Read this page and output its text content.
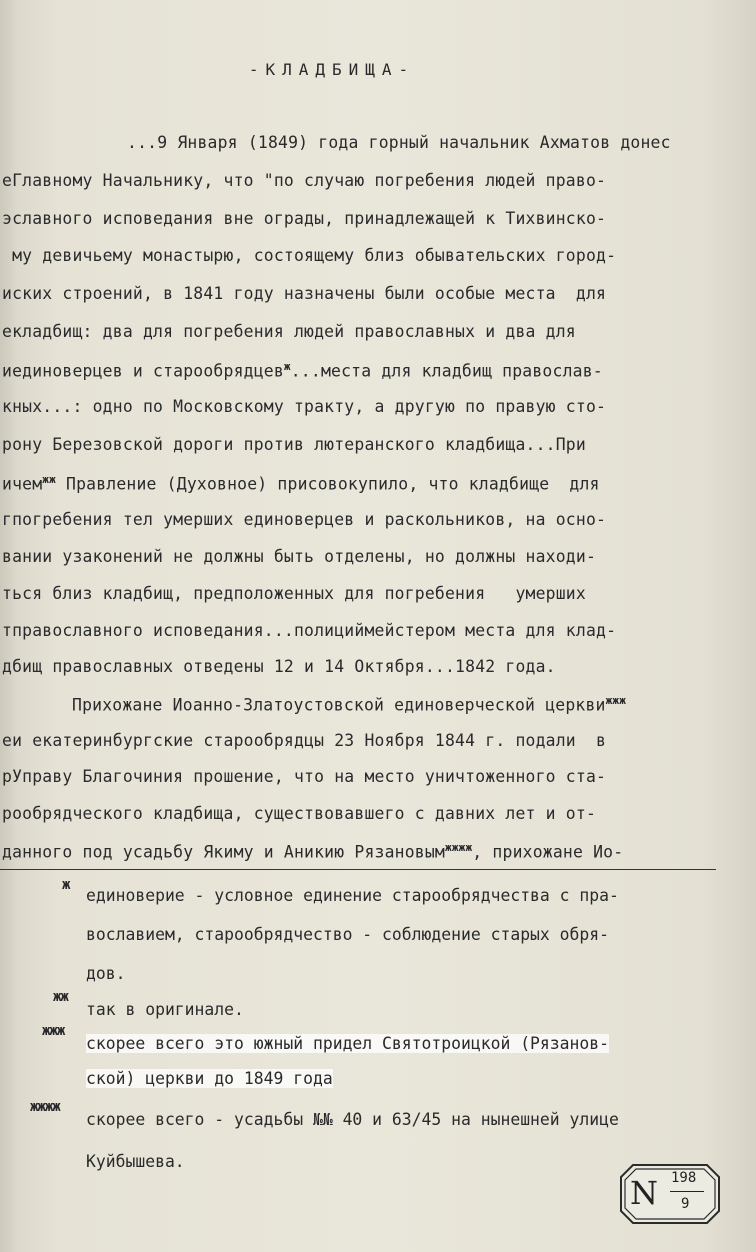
-КЛАДБИЩА-
...9 Января (1849) года горный начальник Ахматов донес
еГлавному Начальнику, что "по случаю погребения людей право-
эславного исповедания вне ограды, принадлежащей к Тихвинско-
му девичьему монастырю, состоящему близ обывательских город-
иских строений, в 1841 году назначены были особые места  для
екладбищ: два для погребения людей православных и два для
иединоверцев и старообрядцев$^ж$...места для кладбищ православ-
кных...: одно по Московскому тракту, а другую по правую сто-
рону Березовской дороги против лютеранского кладбища...При
ичем$^{жж}$ Правление (Духовное) присовокупило, что кладбище  для
гпогребения тел умерших единоверцев и раскольников, на осно-
вании узаконений не должны быть отделены, но должны находи-
ться близ кладбищ, предположенных для погребения   умерших
тправославного исповедания...полициймейстером места для клад-
дбищ православных отведены 12 и 14 Октября...1842 года.
Прихожане Иоанно-Златоустовской единоверческой церкви$^{жжж}$
еи екатеринбургские старообрядцы 23 Ноября 1844 г. подали  в
рУправу Благочиния прошение, что на место уничтоженного ста-
рообрядческого кладбища, существовавшего с давних лет и от-
данного под усадьбу Якиму и Аникию Рязановым$^{жжжж}$, прихожане Ио-
ж
единоверие - условное единение старообрядчества с пра-
вославием, старообрядчество - соблюдение старых обря-
дов.
жж
так в оригинале.
жжж
скорее всего это южный придел Святотроицкой (Рязанов-
ской) церкви до 1849 года
жжжж
скорее всего - усадьбы №№ 40 и 63/45 на нынешней улице
Куйбышева.
N 198
9
